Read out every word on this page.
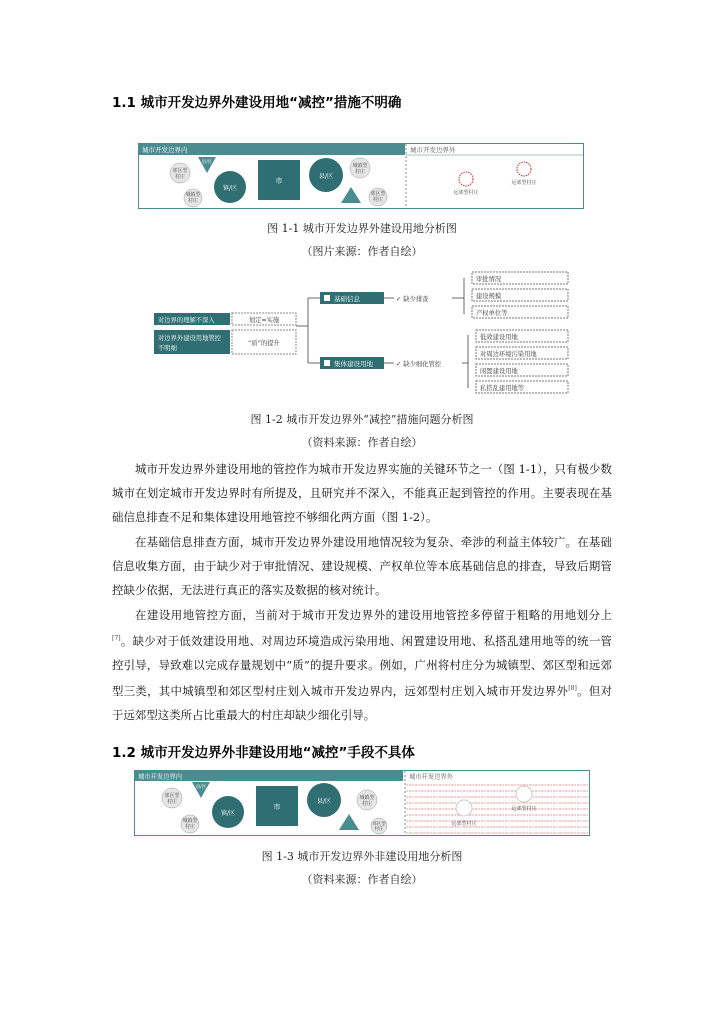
1.1 城市开发边界外建设用地“减控”措施不明确
城市开发边界内	城市开发边界外
郊区型
村庄
城镇型
村庄
县/区
镇/区
市
县/区
城镇型
村庄
郊区型
村庄
远郊型村庄
远郊型村庄
图 1-1 城市开发边界外建设用地分析图
（图片来源：作者自绘）
对边界的理解不深入
对边界外建设用地管控
不明细
划定=实施
“质”的提升
基础信息
集体建设用地
✓ 缺少排查
✓ 缺少细化管控
审批情况
建设规模
产权单位等
低效建设用地
对周边环境污染用地
闲置建设用地
私搭乱建用地等
图 1-2 城市开发边界外“减控”措施问题分析图
（资料来源：作者自绘）

城市开发边界外建设用地的管控作为城市开发边界实施的关键环节之一（图 1-1），只有极少数城市在划定城市开发边界时有所提及，且研究并不深入，不能真正起到管控的作用。主要表现在基础信息排查不足和集体建设用地管控不够细化两方面（图 1-2）。

在基础信息排查方面，城市开发边界外建设用地情况较为复杂、牵涉的利益主体较广。在基础信息收集方面，由于缺少对于审批情况、建设规模、产权单位等本底基础信息的排查，导致后期管控缺少依据，无法进行真正的落实及数据的核对统计。

在建设用地管控方面，当前对于城市开发边界外的建设用地管控多停留于粗略的用地划分上[7]。缺少对于低效建设用地、对周边环境造成污染用地、闲置建设用地、私搭乱建用地等的统一管控引导，导致难以完成存量规划中“质”的提升要求。例如，广州将村庄分为城镇型、郊区型和远郊型三类，其中城镇型和郊区型村庄划入城市开发边界内，远郊型村庄划入城市开发边界外[8]。但对于远郊型这类所占比重最大的村庄却缺少细化引导。

1.2 城市开发边界外非建设用地“减控”手段不具体
城市开发边界内	城市开发边界外
郊区型
村庄
城镇型
村庄
县/区
镇/区
市
县/区	城镇型
村庄
郊区型
村庄
远郊型村庄
远郊型村庄
图 1-3 城市开发边界外非建设用地分析图
（资料来源：作者自绘）
